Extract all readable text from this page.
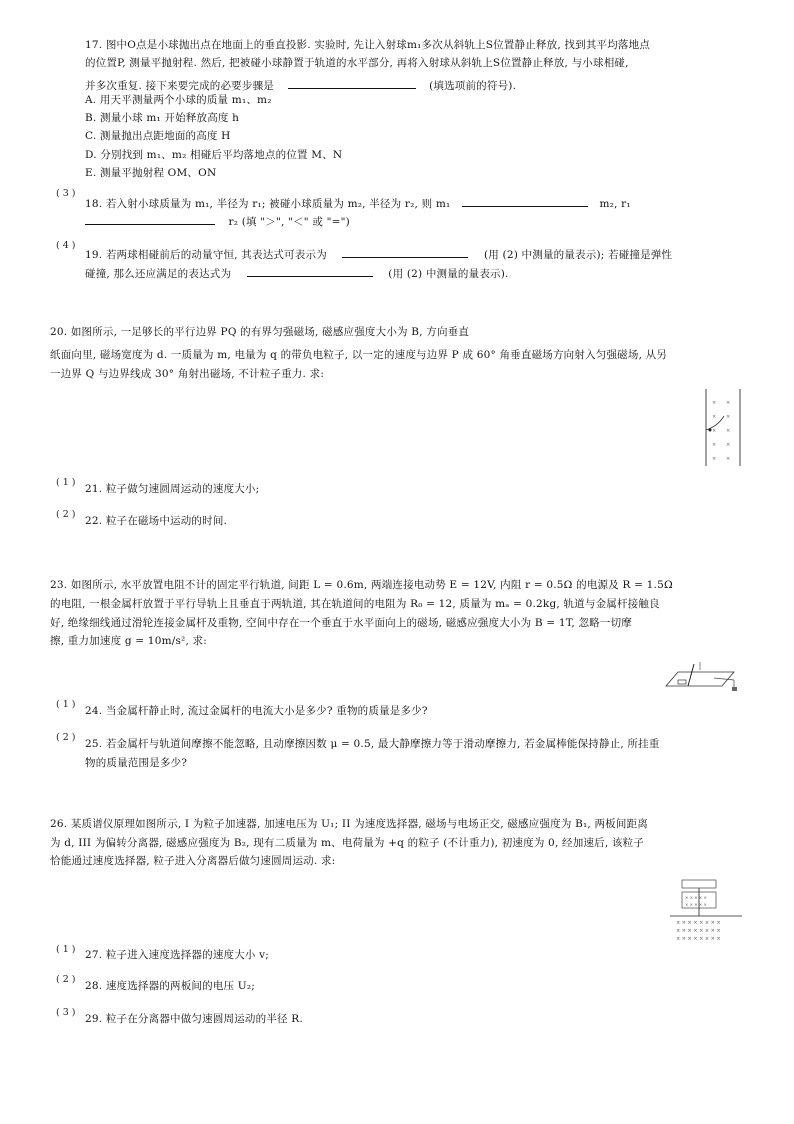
17. 图中O点是小球抛出点在地面上的垂直投影. 实验时, 先让入射球m₁多次从斜轨上S位置静止释放, 找到其平均落地点
的位置P, 测量平抛射程. 然后, 把被碰小球静置于轨道的水平部分, 再将入射球从斜轨上S位置静止释放, 与小球相碰,
并多次重复. 接下来要完成的必要步骤是	(填选项前的符号).
A. 用天平测量两个小球的质量 m₁、m₂
B. 测量小球 m₁ 开始释放高度 h
C. 测量抛出点距地面的高度 H
D. 分别找到 m₁、m₂ 相碰后平均落地点的位置 M、N
E. 测量平抛射程 OM、ON
( 3 )
18. 若入射小球质量为 m₁, 半径为 r₁; 被碰小球质量为 m₂, 半径为 r₂, 则 m₁	m₂, r₁
r₂ (填 "＞", "＜" 或 "=")
( 4 )
19. 若两球相碰前后的动量守恒, 其表达式可表示为	(用 (2) 中测量的量表示); 若碰撞是弹性
碰撞, 那么还应满足的表达式为	(用 (2) 中测量的量表示).
20. 如图所示, 一足够长的平行边界 PQ 的有界匀强磁场, 磁感应强度大小为 B, 方向垂直
纸面向里, 磁场宽度为 d. 一质量为 m, 电量为 q 的带负电粒子, 以一定的速度与边界 P 成 60° 角垂直磁场方向射入匀强磁场, 从另
一边界 Q 与边界线成 30° 角射出磁场, 不计粒子重力. 求:
× ×
× ×
× ×
× ×
× ×
( 1 )
21. 粒子做匀速圆周运动的速度大小;
( 2 )
22. 粒子在磁场中运动的时间.
23. 如图所示, 水平放置电阻不计的固定平行轨道, 间距 L = 0.6m, 两端连接电动势 E = 12V, 内阻 r = 0.5Ω 的电源及 R = 1.5Ω
的电阻, 一根金属杆放置于平行导轨上且垂直于两轨道, 其在轨道间的电阻为 R₀ = 12, 质量为 mₐ = 0.2kg, 轨道与金属杆接触良
好, 绝缘细线通过滑轮连接金属杆及重物, 空间中存在一个垂直于水平面向上的磁场, 磁感应强度大小为 B = 1T, 忽略一切摩
擦, 重力加速度 g = 10m/s², 求:
( 1 )
24. 当金属杆静止时, 流过金属杆的电流大小是多少? 重物的质量是多少?
( 2 )
25. 若金属杆与轨道间摩擦不能忽略, 且动摩擦因数 μ = 0.5, 最大静摩擦力等于滑动摩擦力, 若金属棒能保持静止, 所挂重
物的质量范围是多少?
26. 某质谱仪原理如图所示, I 为粒子加速器, 加速电压为 U₁; II 为速度选择器, 磁场与电场正交, 磁感应强度为 B₁, 两板间距离
为 d, III 为偏转分离器, 磁感应强度为 B₂, 现有二质量为 m、电荷量为 +q 的粒子 (不计重力), 初速度为 0, 经加速后, 该粒子
恰能通过速度选择器, 粒子进入分离器后做匀速圆周运动. 求:
× × × × × × × ×
× × × × × × × ×
× × × × × × × ×
× × × × ×
× × × × ×
( 1 ) 27. 粒子进入速度选择器的速度大小 v;
( 2 )
28. 速度选择器的两板间的电压 U₂;
( 3 )
29. 粒子在分离器中做匀速圆周运动的半径 R.
